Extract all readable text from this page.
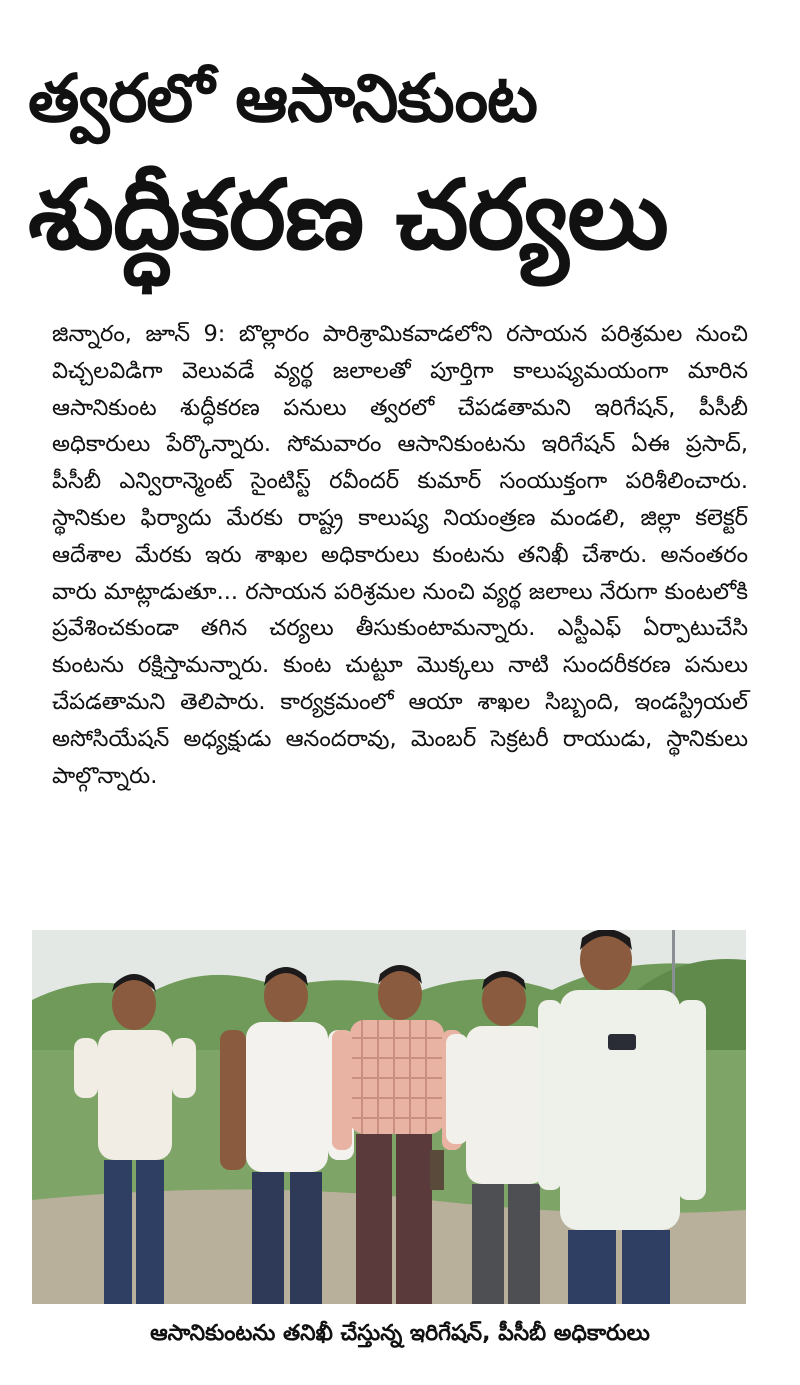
త్వరలో ఆసానికుంట
శుద్ధీకరణ చర్యలు
జిన్నారం, జూన్ 9: బొల్లారం పారిశ్రామికవాడలోని రసాయన పరిశ్రమల నుంచి విచ్చలవిడిగా వెలువడే వ్యర్థ జలాలతో పూర్తిగా కాలుష్యమయంగా మారిన ఆసానికుంట శుద్ధీకరణ పనులు త్వరలో చేపడతామని ఇరిగేషన్, పీసీబీ అధికారులు పేర్కొన్నారు. సోమవారం ఆసానికుంటను ఇరిగేషన్ ఏఈ ప్రసాద్, పీసీబీ ఎన్విరాన్మెంట్ సైంటిస్ట్ రవీందర్ కుమార్ సంయుక్తంగా పరిశీలించారు. స్థానికుల ఫిర్యాదు మేరకు రాష్ట్ర కాలుష్య నియంత్రణ మండలి, జిల్లా కలెక్టర్ ఆదేశాల మేరకు ఇరు శాఖల అధికారులు కుంటను తనిఖీ చేశారు. అనంతరం వారు మాట్లాడుతూ... రసాయన పరిశ్రమల నుంచి వ్యర్థ జలాలు నేరుగా కుంటలోకి ప్రవేశించకుండా తగిన చర్యలు తీసుకుంటామన్నారు. ఎస్టీఎఫ్ ఏర్పాటుచేసి కుంటను రక్షిస్తామన్నారు. కుంట చుట్టూ మొక్కలు నాటి సుందరీకరణ పనులు చేపడతామని తెలిపారు. కార్యక్రమంలో ఆయా శాఖల సిబ్బంది, ఇండస్ట్రియల్ అసోసియేషన్ అధ్యక్షుడు ఆనందరావు, మెంబర్ సెక్రటరీ రాయుడు, స్థానికులు పాల్గొన్నారు.
ఆసానికుంటను తనిఖీ చేస్తున్న ఇరిగేషన్, పీసీబీ అధికారులు
